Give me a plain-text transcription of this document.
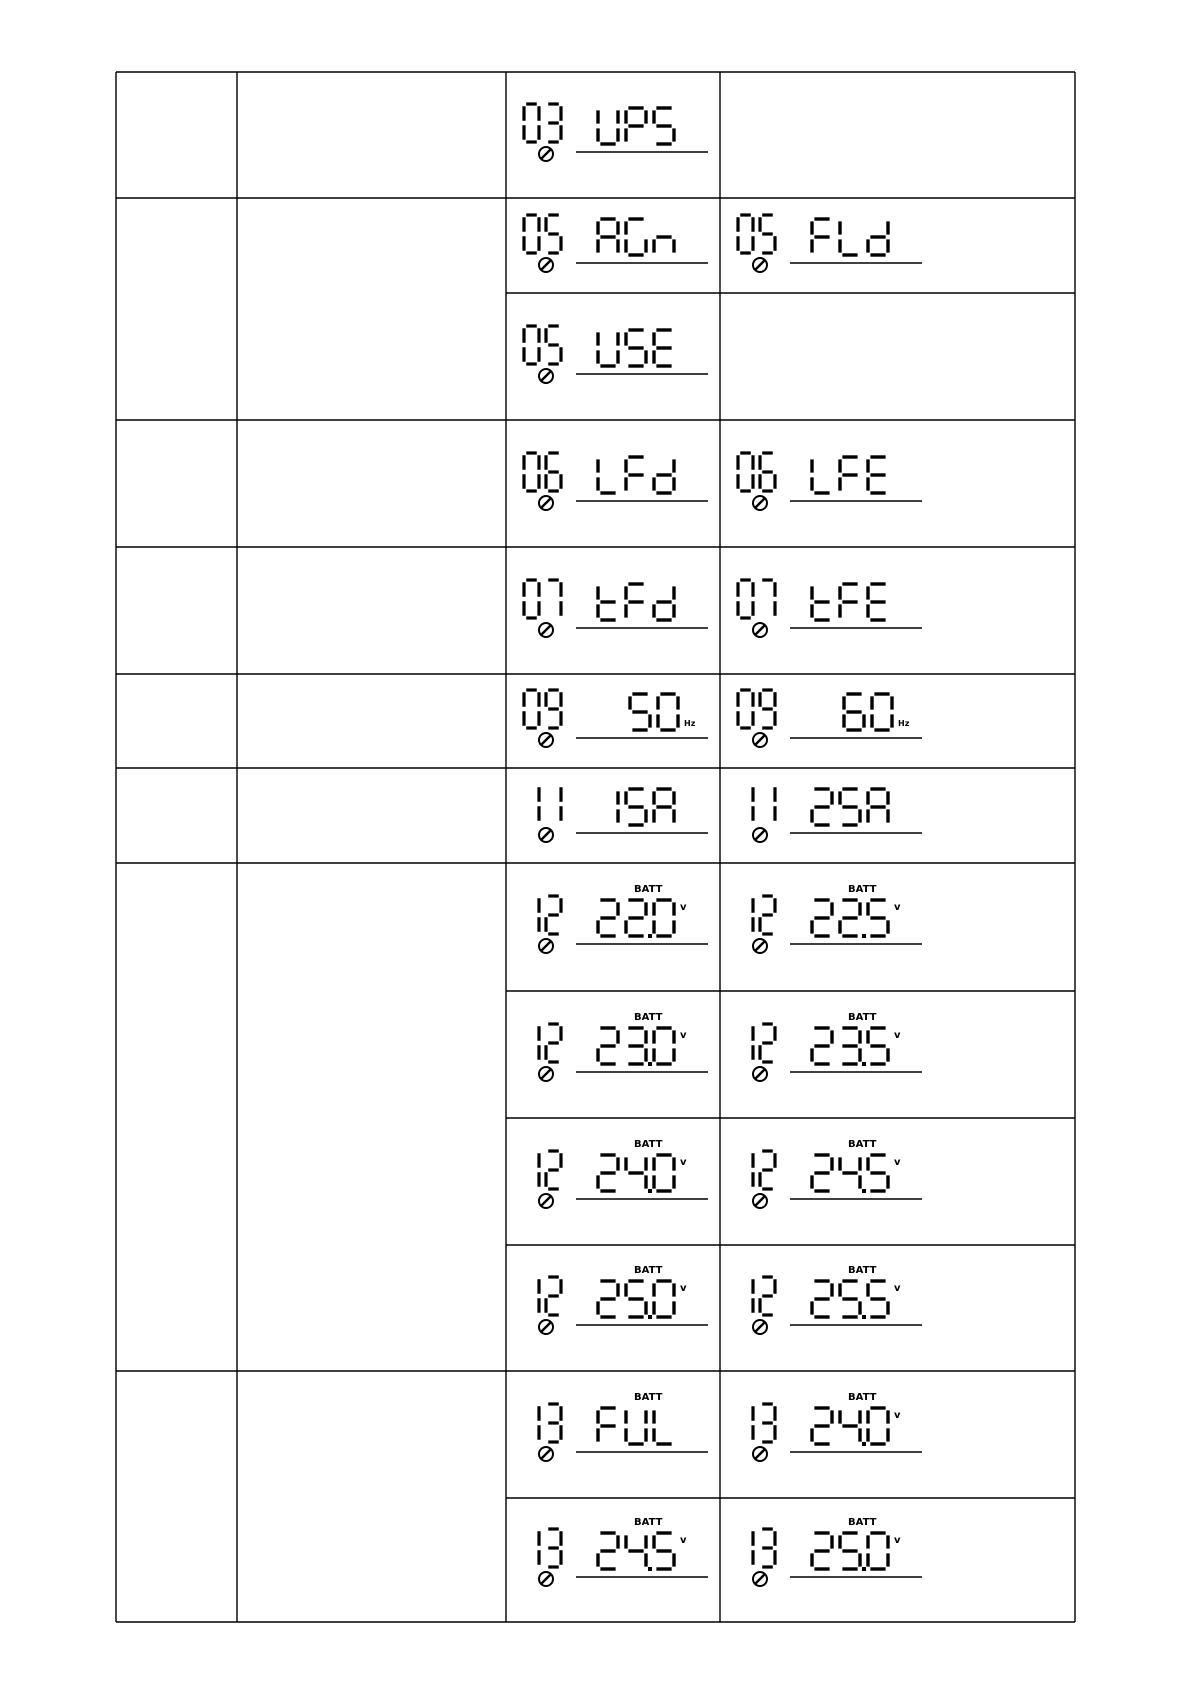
Hz	Hz
BATT
v
BATT
v
BATT
v
BATT
v
BATT
v
BATT
v
BATT
v
BATT
v
BATT	BATT
v
BATT
v
BATT
v
